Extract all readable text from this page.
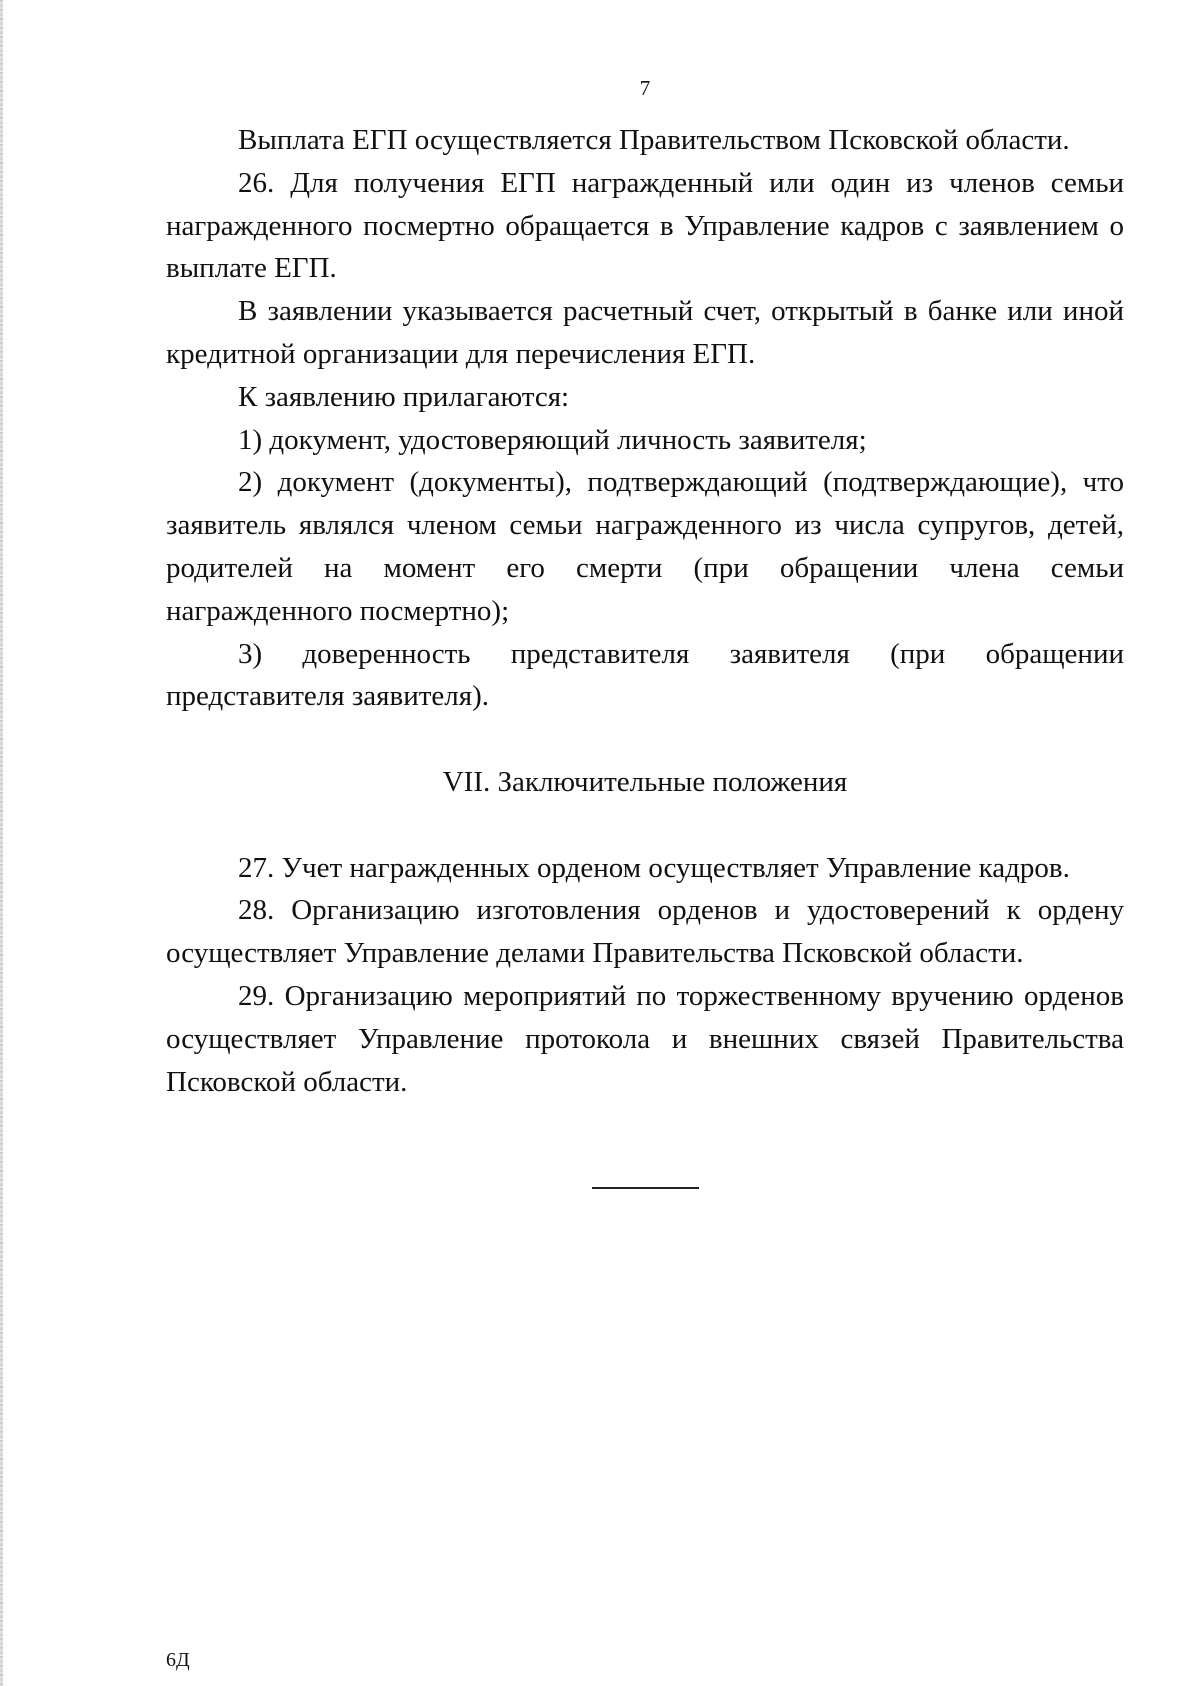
7

Выплата ЕГП осуществляется Правительством Псковской области.

26. Для получения ЕГП награжденный или один из членов семьи награжденного посмертно обращается в Управление кадров с заявлением о выплате ЕГП.

В заявлении указывается расчетный счет, открытый в банке или иной кредитной организации для перечисления ЕГП.

К заявлению прилагаются:

1) документ, удостоверяющий личность заявителя;

2) документ (документы), подтверждающий (подтверждающие), что заявитель являлся членом семьи награжденного из числа супругов, детей, родителей на момент его смерти (при обращении члена семьи награжденного посмертно);

3) доверенность представителя заявителя (при обращении представителя заявителя).

VII. Заключительные положения

27. Учет награжденных орденом осуществляет Управление кадров.

28. Организацию изготовления орденов и удостоверений к ордену осуществляет Управление делами Правительства Псковской области.

29. Организацию мероприятий по торжественному вручению орденов осуществляет Управление протокола и внешних связей Правительства Псковской области.

6Д
